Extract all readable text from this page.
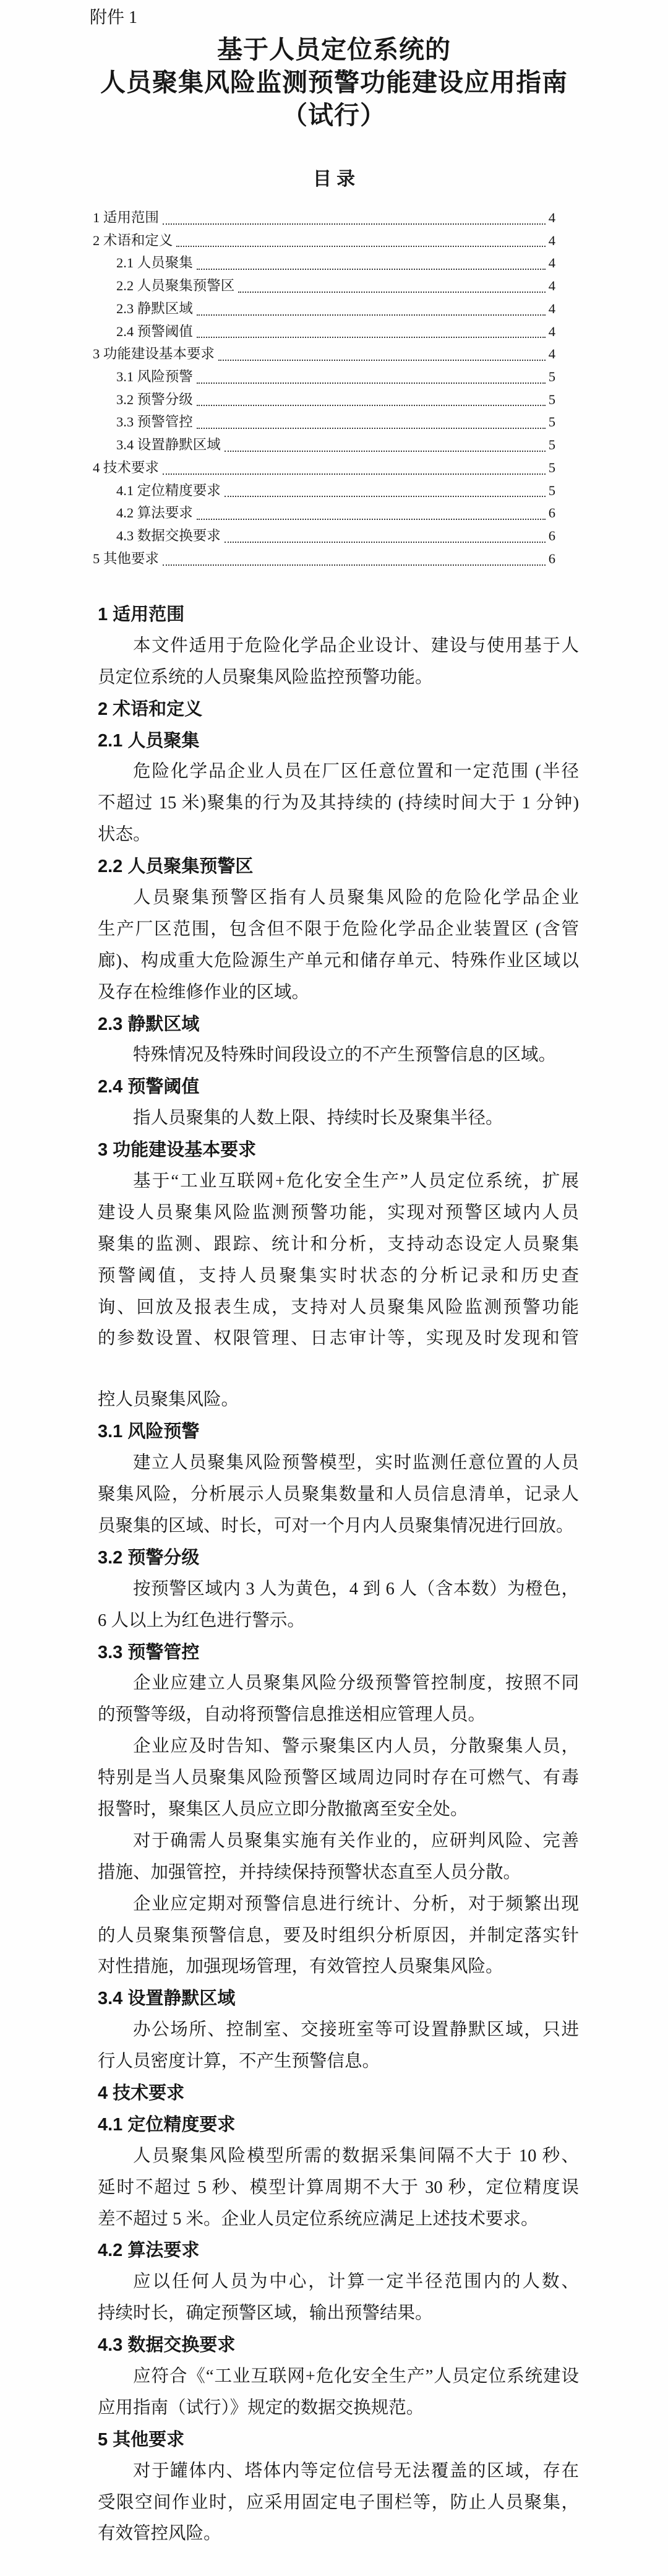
附件 1
基于人员定位系统的
人员聚集风险监测预警功能建设应用指南
（试行）
目 录
1 适用范围	4
2 术语和定义	4
2.1 人员聚集	4
2.2 人员聚集预警区	4
2.3 静默区域	4
2.4 预警阈值	4
3 功能建设基本要求	4
3.1 风险预警	5
3.2 预警分级	5
3.3 预警管控	5
3.4 设置静默区域	5
4 技术要求	5
4.1 定位精度要求	5
4.2 算法要求	6
4.3 数据交换要求	6
5 其他要求	6
1 适用范围
本文件适用于危险化学品企业设计、建设与使用基于人
员定位系统的人员聚集风险监控预警功能。
2 术语和定义
2.1 人员聚集
危险化学品企业人员在厂区任意位置和一定范围 (半径
不超过 15 米)聚集的行为及其持续的 (持续时间大于 1 分钟)
状态。
2.2 人员聚集预警区
人员聚集预警区指有人员聚集风险的危险化学品企业
生产厂区范围，包含但不限于危险化学品企业装置区 (含管
廊)、构成重大危险源生产单元和储存单元、特殊作业区域以
及存在检维修作业的区域。
2.3 静默区域
特殊情况及特殊时间段设立的不产生预警信息的区域。
2.4 预警阈值
指人员聚集的人数上限、持续时长及聚集半径。
3 功能建设基本要求
基于“工业互联网+危化安全生产”人员定位系统，扩展
建设人员聚集风险监测预警功能，实现对预警区域内人员
聚集的监测、跟踪、统计和分析，支持动态设定人员聚集
预警阈值，支持人员聚集实时状态的分析记录和历史查
询、回放及报表生成，支持对人员聚集风险监测预警功能
的参数设置、权限管理、日志审计等，实现及时发现和管
控人员聚集风险。
3.1 风险预警
建立人员聚集风险预警模型，实时监测任意位置的人员
聚集风险，分析展示人员聚集数量和人员信息清单，记录人
员聚集的区域、时长，可对一个月内人员聚集情况进行回放。
3.2 预警分级
按预警区域内 3 人为黄色，4 到 6 人（含本数）为橙色，
6 人以上为红色进行警示。
3.3 预警管控
企业应建立人员聚集风险分级预警管控制度，按照不同
的预警等级，自动将预警信息推送相应管理人员。
企业应及时告知、警示聚集区内人员，分散聚集人员，
特别是当人员聚集风险预警区域周边同时存在可燃气、有毒
报警时，聚集区人员应立即分散撤离至安全处。
对于确需人员聚集实施有关作业的，应研判风险、完善
措施、加强管控，并持续保持预警状态直至人员分散。
企业应定期对预警信息进行统计、分析，对于频繁出现
的人员聚集预警信息，要及时组织分析原因，并制定落实针
对性措施，加强现场管理，有效管控人员聚集风险。
3.4 设置静默区域
办公场所、控制室、交接班室等可设置静默区域，只进
行人员密度计算，不产生预警信息。
4 技术要求
4.1 定位精度要求
人员聚集风险模型所需的数据采集间隔不大于 10 秒、
延时不超过 5 秒、模型计算周期不大于 30 秒，定位精度误
差不超过 5 米。企业人员定位系统应满足上述技术要求。
4.2 算法要求
应以任何人员为中心，计算一定半径范围内的人数、
持续时长，确定预警区域，输出预警结果。
4.3 数据交换要求
应符合《“工业互联网+危化安全生产”人员定位系统建设
应用指南（试行）》规定的数据交换规范。
5 其他要求
对于罐体内、塔体内等定位信号无法覆盖的区域，存在
受限空间作业时，应采用固定电子围栏等，防止人员聚集，
有效管控风险。
